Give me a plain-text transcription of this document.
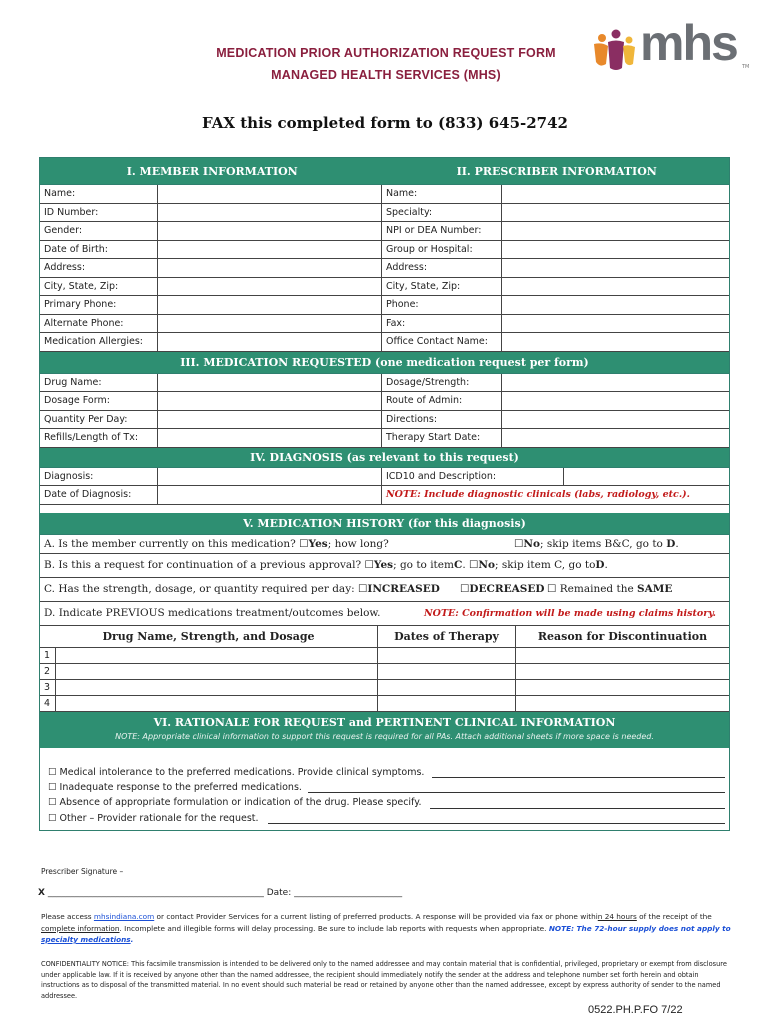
MEDICATION PRIOR AUTHORIZATION REQUEST FORM
MANAGED HEALTH SERVICES (MHS)
mhs TM
FAX this completed form to (833) 645-2742
I. MEMBER INFORMATION	II. PRESCRIBER INFORMATION
Name:	Name:
ID Number:	Specialty:
Gender:	NPI or DEA Number:
Date of Birth:	Group or Hospital:
Address:	Address:
City, State, Zip:	City, State, Zip:
Primary Phone:	Phone:
Alternate Phone:	Fax:
Medication Allergies:	Office Contact Name:
III. MEDICATION REQUESTED (one medication request per form)
Drug Name:	Dosage/Strength:
Dosage Form:	Route of Admin:
Quantity Per Day:	Directions:
Refills/Length of Tx:	Therapy Start Date:
IV. DIAGNOSIS (as relevant to this request)
Diagnosis:	ICD10 and Description:
Date of Diagnosis:	NOTE: Include diagnostic clinicals (labs, radiology, etc.).
V. MEDICATION HISTORY (for this diagnosis)
A. Is the member currently on this medication? ☐ Yes ; how long?	☐No; skip items B&C, go to D.
B. Is this a request for continuation of a previous approval? ☐ Yes ; go to item C . ☐ No ; skip item C, go to D .
C. Has the strength, dosage, or quantity required per day: ☐ INCREASED ☐DECREASED ☐ Remained the SAME
D. Indicate PREVIOUS medications treatment/outcomes below.	NOTE: Confirmation will be made using claims history.
Drug Name, Strength, and Dosage	Dates of Therapy	Reason for Discontinuation
1
2
3
4
VI. RATIONALE FOR REQUEST and PERTINENT CLINICAL INFORMATION
NOTE: Appropriate clinical information to support this request is required for all PAs. Attach additional sheets if more space is needed.
☐ Medical intolerance to the preferred medications. Provide clinical symptoms.
☐ Inadequate response to the preferred medications.
☐ Absence of appropriate formulation or indication of the drug. Please specify.
☐ Other – Provider rationale for the request.
Prescriber Signature –
X ________________________________________________ Date: ________________________
Please access mhsindiana.com or contact Provider Services for a current listing of preferred products. A response will be provided via fax or phone within 24 hours of the receipt of the complete information. Incomplete and illegible forms will delay processing. Be sure to include lab reports with requests when appropriate. NOTE: The 72-hour supply does not apply to specialty medications.
CONFIDENTIALITY NOTICE: This facsimile transmission is intended to be delivered only to the named addressee and may contain material that is confidential, privileged, proprietary or exempt from disclosure under applicable law. If it is received by anyone other than the named addressee, the recipient should immediately notify the sender at the address and telephone number set forth herein and obtain instructions as to disposal of the transmitted material. In no event should such material be read or retained by anyone other than the named addressee, except by express authority of sender to the named addressee.
0522.PH.P.FO 7/22
